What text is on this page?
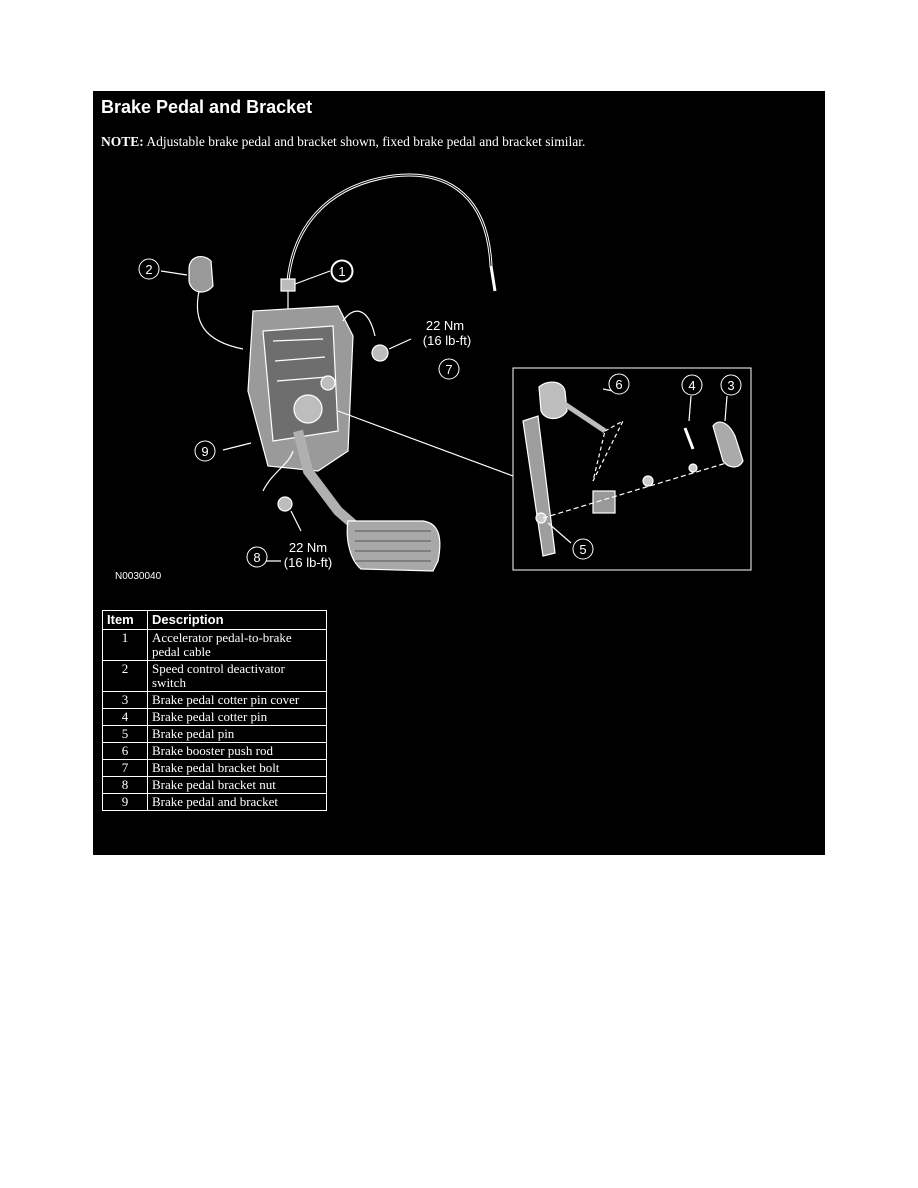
Brake Pedal and Bracket
NOTE: Adjustable brake pedal and bracket shown, fixed brake pedal and bracket similar.
1
2
3
4
5
6
7
8
9
22 Nm
(16 lb-ft)
22 Nm
(16 lb-ft)
N0030040
Item	Description
1	Accelerator pedal-to-brake pedal cable
2	Speed control deactivator switch
3	Brake pedal cotter pin cover
4	Brake pedal cotter pin
5	Brake pedal pin
6	Brake booster push rod
7	Brake pedal bracket bolt
8	Brake pedal bracket nut
9	Brake pedal and bracket
